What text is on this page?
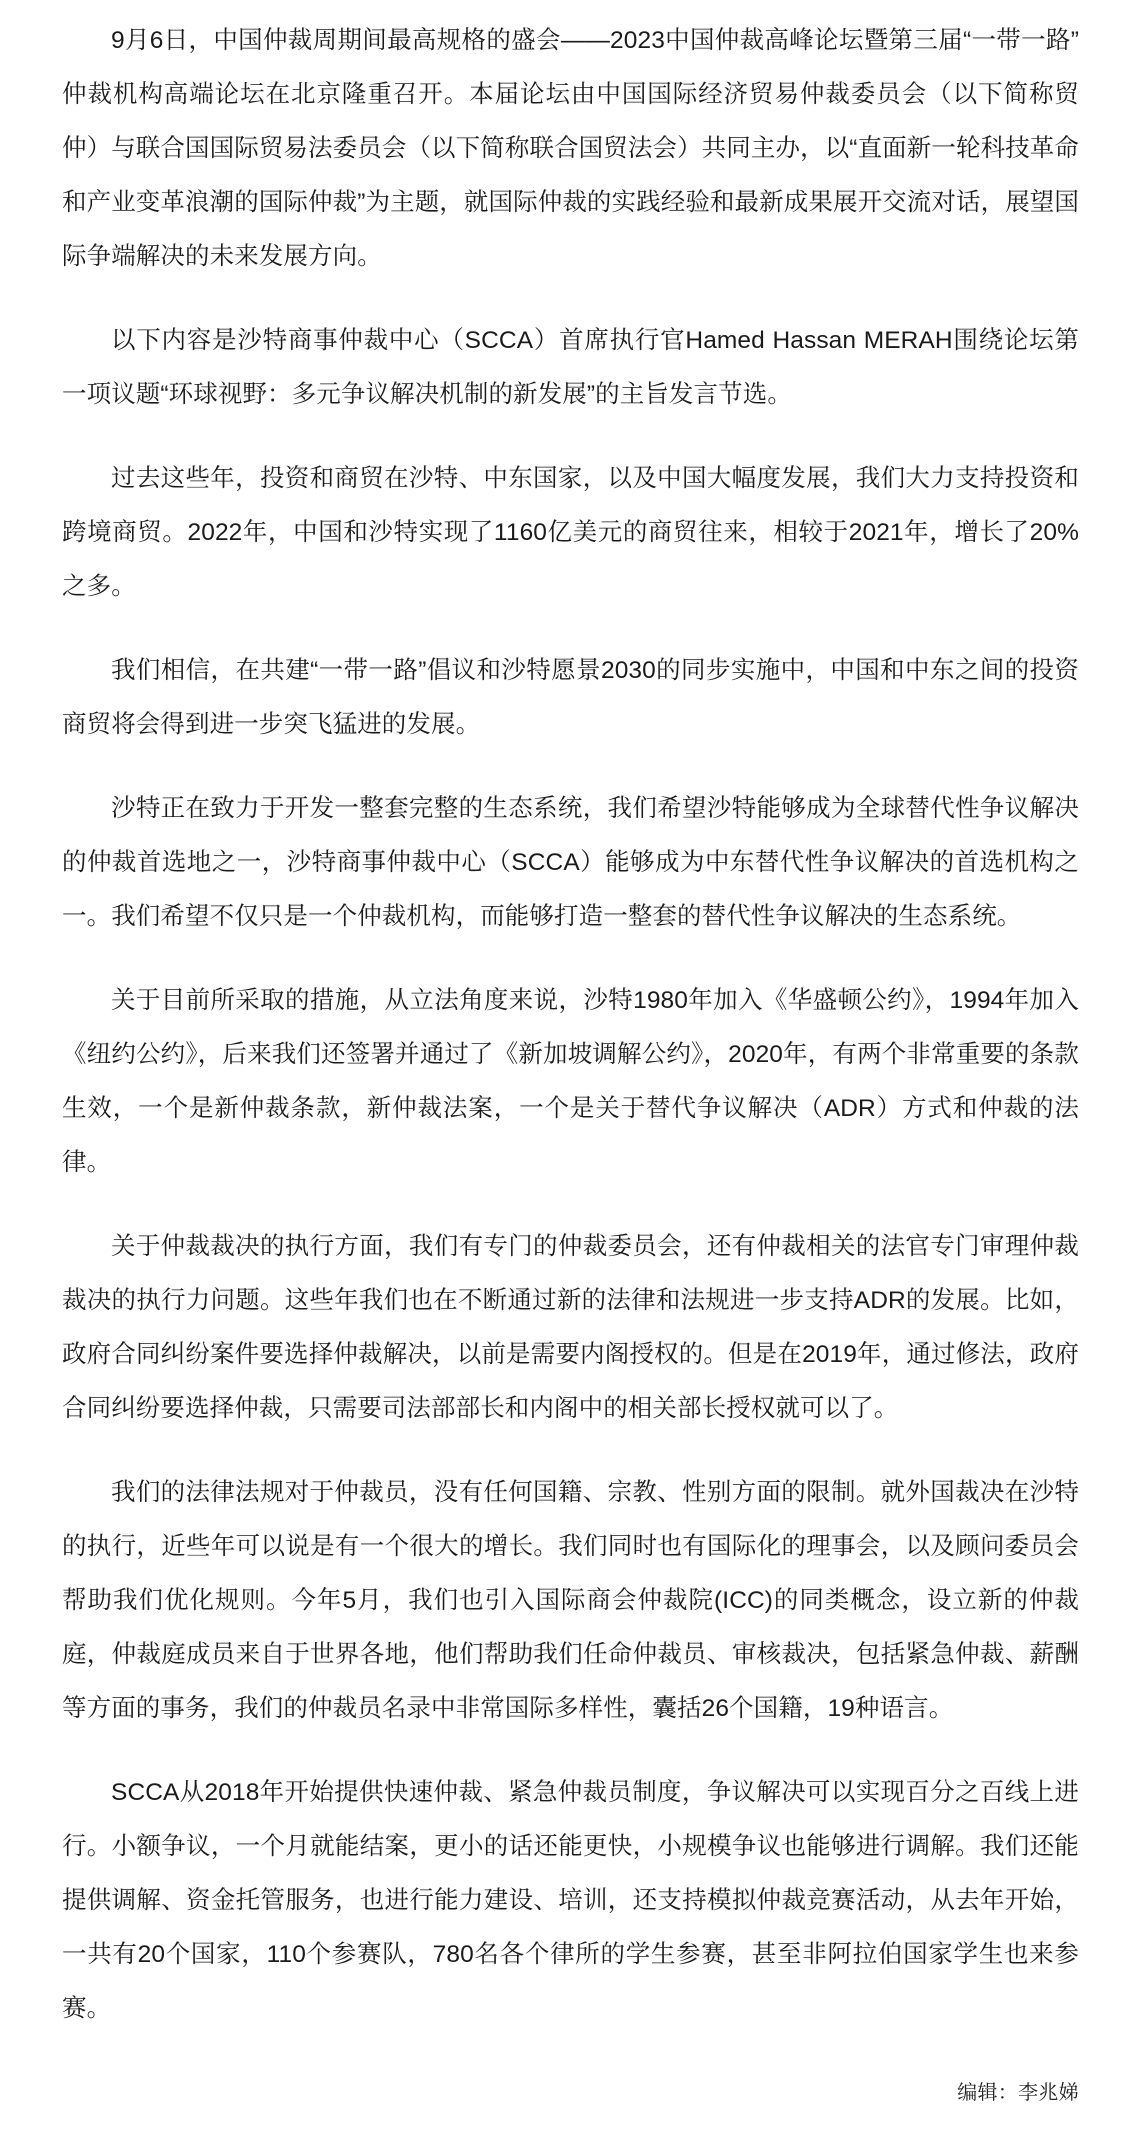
9月6日，中国仲裁周期间最高规格的盛会——2023中国仲裁高峰论坛暨第三届“一带一路”仲裁机构高端论坛在北京隆重召开。本届论坛由中国国际经济贸易仲裁委员会（以下简称贸仲）与联合国国际贸易法委员会（以下简称联合国贸法会）共同主办，以“直面新一轮科技革命和产业变革浪潮的国际仲裁”为主题，就国际仲裁的实践经验和最新成果展开交流对话，展望国际争端解决的未来发展方向。

以下内容是沙特商事仲裁中心（SCCA）首席执行官Hamed Hassan MERAH围绕论坛第一项议题“环球视野：多元争议解决机制的新发展”的主旨发言节选。

过去这些年，投资和商贸在沙特、中东国家，以及中国大幅度发展，我们大力支持投资和跨境商贸。2022年，中国和沙特实现了1160亿美元的商贸往来，相较于2021年，增长了20%之多。

我们相信，在共建“一带一路”倡议和沙特愿景2030的同步实施中，中国和中东之间的投资商贸将会得到进一步突飞猛进的发展。

沙特正在致力于开发一整套完整的生态系统，我们希望沙特能够成为全球替代性争议解决的仲裁首选地之一，沙特商事仲裁中心（SCCA）能够成为中东替代性争议解决的首选机构之一。我们希望不仅只是一个仲裁机构，而能够打造一整套的替代性争议解决的生态系统。

关于目前所采取的措施，从立法角度来说，沙特1980年加入《华盛顿公约》，1994年加入《纽约公约》，后来我们还签署并通过了《新加坡调解公约》，2020年，有两个非常重要的条款生效，一个是新仲裁条款，新仲裁法案，一个是关于替代争议解决（ADR）方式和仲裁的法律。

关于仲裁裁决的执行方面，我们有专门的仲裁委员会，还有仲裁相关的法官专门审理仲裁裁决的执行力问题。这些年我们也在不断通过新的法律和法规进一步支持ADR的发展。比如，政府合同纠纷案件要选择仲裁解决，以前是需要内阁授权的。但是在2019年，通过修法，政府合同纠纷要选择仲裁，只需要司法部部长和内阁中的相关部长授权就可以了。

我们的法律法规对于仲裁员，没有任何国籍、宗教、性别方面的限制。就外国裁决在沙特的执行，近些年可以说是有一个很大的增长。我们同时也有国际化的理事会，以及顾问委员会帮助我们优化规则。今年5月，我们也引入国际商会仲裁院(ICC)的同类概念，设立新的仲裁庭，仲裁庭成员来自于世界各地，他们帮助我们任命仲裁员、审核裁决，包括紧急仲裁、薪酬等方面的事务，我们的仲裁员名录中非常国际多样性，囊括26个国籍，19种语言。

SCCA从2018年开始提供快速仲裁、紧急仲裁员制度，争议解决可以实现百分之百线上进行。小额争议，一个月就能结案，更小的话还能更快，小规模争议也能够进行调解。我们还能提供调解、资金托管服务，也进行能力建设、培训，还支持模拟仲裁竞赛活动，从去年开始，一共有20个国家，110个参赛队，780名各个律所的学生参赛，甚至非阿拉伯国家学生也来参赛。

编辑：李兆娣
